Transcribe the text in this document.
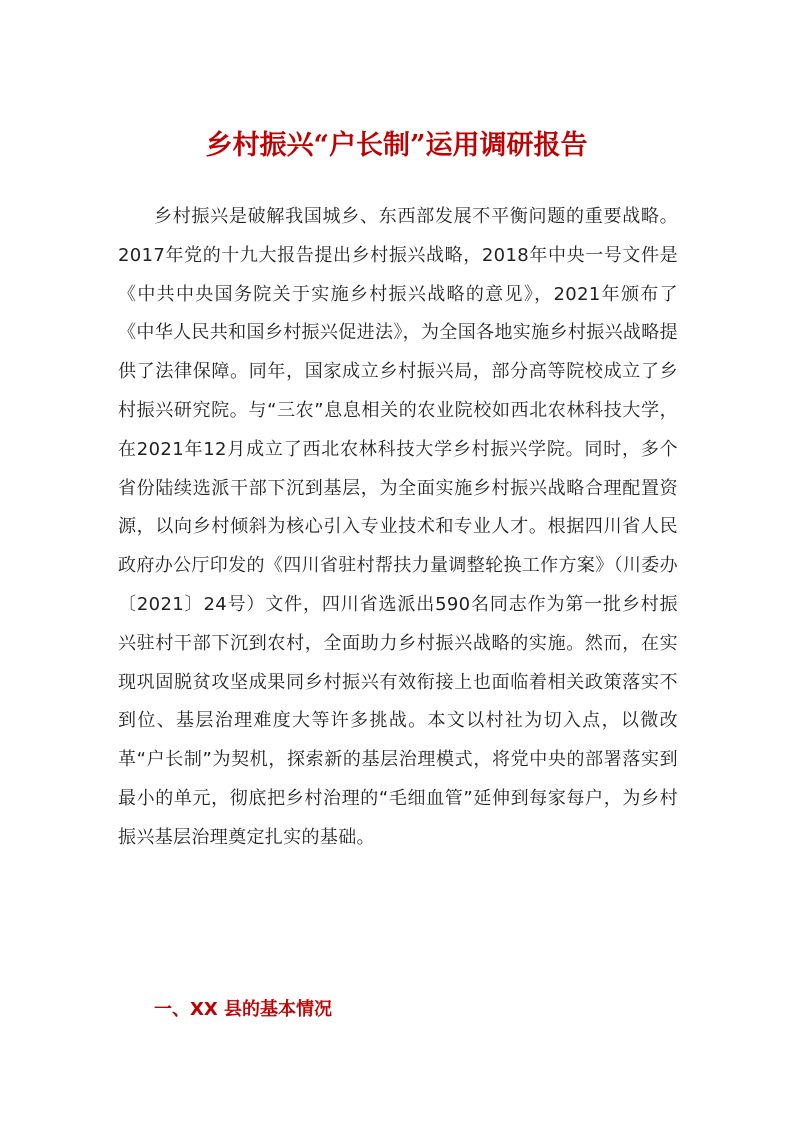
乡村振兴“户长制”运用调研报告

乡村振兴是破解我国城乡、东西部发展不平衡问题的重要战略。2017年党的十九大报告提出乡村振兴战略，2018年中央一号文件是《中共中央国务院关于实施乡村振兴战略的意见》，2021年颁布了《中华人民共和国乡村振兴促进法》，为全国各地实施乡村振兴战略提供了法律保障。同年，国家成立乡村振兴局，部分高等院校成立了乡村振兴研究院。与“三农”息息相关的农业院校如西北农林科技大学，在2021年12月成立了西北农林科技大学乡村振兴学院。同时，多个省份陆续选派干部下沉到基层，为全面实施乡村振兴战略合理配置资源，以向乡村倾斜为核心引入专业技术和专业人才。根据四川省人民政府办公厅印发的《四川省驻村帮扶力量调整轮换工作方案》（川委办〔2021〕24号）文件，四川省选派出590名同志作为第一批乡村振兴驻村干部下沉到农村，全面助力乡村振兴战略的实施。然而，在实现巩固脱贫攻坚成果同乡村振兴有效衔接上也面临着相关政策落实不到位、基层治理难度大等许多挑战。本文以村社为切入点，以微改革“户长制”为契机，探索新的基层治理模式，将党中央的部署落实到最小的单元，彻底把乡村治理的“毛细血管”延伸到每家每户，为乡村振兴基层治理奠定扎实的基础。

一、XX 县的基本情况
